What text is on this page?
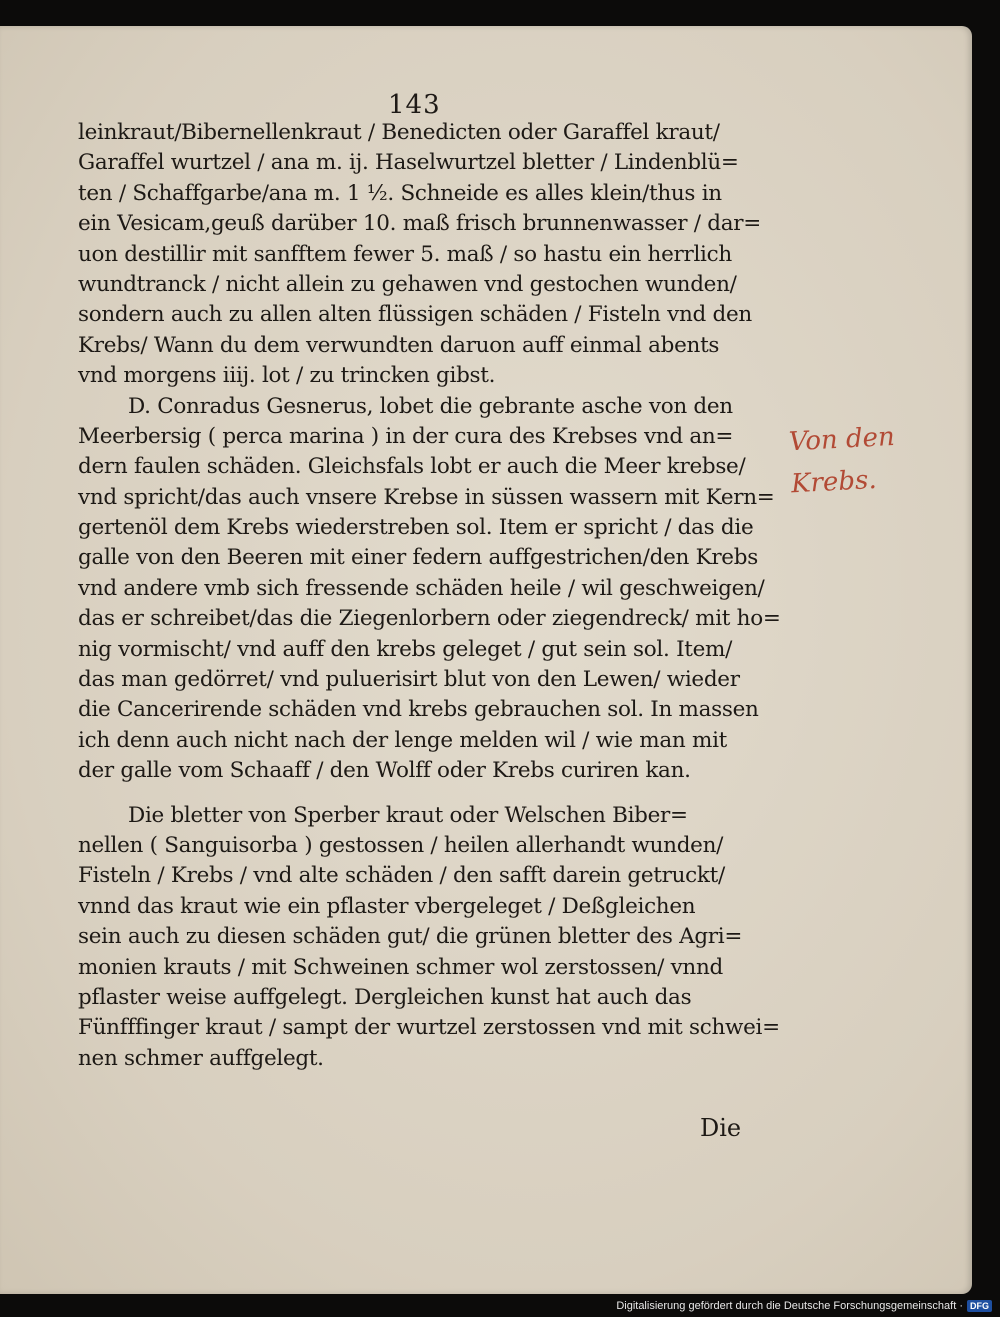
143
leinkraut/Bibernellenkraut / Benedicten oder Garaffel kraut/
Garaffel wurtzel / ana m. ij. Haselwurtzel bletter / Lindenblü=
ten / Schaffgarbe/ana m. 1 ½. Schneide es alles klein/thus in
ein Vesicam,geuß darüber 10. maß frisch brunnenwasser / dar=
uon destillir mit sanfftem fewer 5. maß / so hastu ein herrlich
wundtranck / nicht allein zu gehawen vnd gestochen wunden/
sondern auch zu allen alten flüssigen schäden / Fisteln vnd den
Krebs/ Wann du dem verwundten daruon auff einmal abents
vnd morgens iiij. lot / zu trincken gibst.
D. Conradus Gesnerus, lobet die gebrante asche von den
Meerbersig ( perca marina ) in der cura des Krebses vnd an=
dern faulen schäden. Gleichsfals lobt er auch die Meer krebse/
vnd spricht/das auch vnsere Krebse in süssen wassern mit Kern=
gertenöl dem Krebs wiederstreben sol. Item er spricht / das die
galle von den Beeren mit einer federn auffgestrichen/den Krebs
vnd andere vmb sich fressende schäden heile / wil geschweigen/
das er schreibet/das die Ziegenlorbern oder ziegendreck/ mit ho=
nig vormischt/ vnd auff den krebs geleget / gut sein sol. Item/
das man gedörret/ vnd puluerisirt blut von den Lewen/ wieder
die Cancerirende schäden vnd krebs gebrauchen sol. In massen
ich denn auch nicht nach der lenge melden wil / wie man mit
der galle vom Schaaff / den Wolff oder Krebs curiren kan.
Die bletter von Sperber kraut oder Welschen Biber=
nellen ( Sanguisorba ) gestossen / heilen allerhandt wunden/
Fisteln / Krebs / vnd alte schäden / den safft darein getruckt/
vnnd das kraut wie ein pflaster vbergeleget / Deßgleichen
sein auch zu diesen schäden gut/ die grünen bletter des Agri=
monien krauts / mit Schweinen schmer wol zerstossen/ vnnd
pflaster weise auffgelegt. Dergleichen kunst hat auch das
Fünfffinger kraut / sampt der wurtzel zerstossen vnd mit schwei=
nen schmer auffgelegt.
Die
Von den
Krebs.
Digitalisierung gefördert durch die Deutsche Forschungsgemeinschaft · DFG
